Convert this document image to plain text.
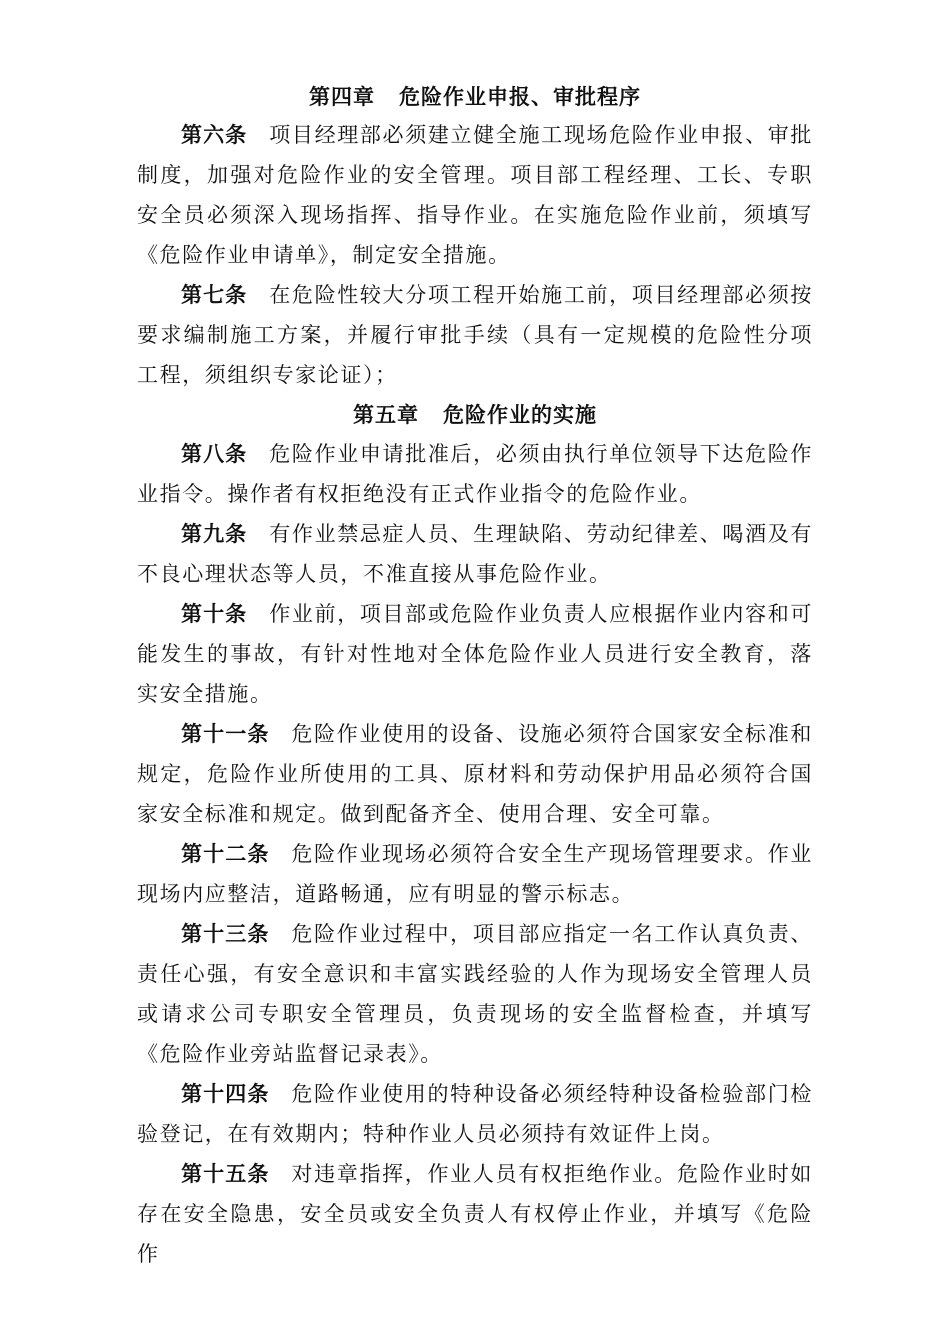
第四章 危险作业申报、审批程序

第六条 项目经理部必须建立健全施工现场危险作业申报、审批制度，加强对危险作业的安全管理。项目部工程经理、工长、专职安全员必须深入现场指挥、指导作业。在实施危险作业前，须填写《危险作业申请单》，制定安全措施。

第七条 在危险性较大分项工程开始施工前，项目经理部必须按要求编制施工方案，并履行审批手续（具有一定规模的危险性分项工程，须组织专家论证）；

第五章 危险作业的实施

第八条 危险作业申请批准后，必须由执行单位领导下达危险作业指令。操作者有权拒绝没有正式作业指令的危险作业。

第九条 有作业禁忌症人员、生理缺陷、劳动纪律差、喝酒及有不良心理状态等人员，不准直接从事危险作业。

第十条 作业前，项目部或危险作业负责人应根据作业内容和可能发生的事故，有针对性地对全体危险作业人员进行安全教育，落实安全措施。

第十一条 危险作业使用的设备、设施必须符合国家安全标准和规定，危险作业所使用的工具、原材料和劳动保护用品必须符合国家安全标准和规定。做到配备齐全、使用合理、安全可靠。

第十二条 危险作业现场必须符合安全生产现场管理要求。作业现场内应整洁，道路畅通，应有明显的警示标志。

第十三条 危险作业过程中，项目部应指定一名工作认真负责、责任心强，有安全意识和丰富实践经验的人作为现场安全管理人员或请求公司专职安全管理员，负责现场的安全监督检查，并填写《危险作业旁站监督记录表》。

第十四条 危险作业使用的特种设备必须经特种设备检验部门检验登记，在有效期内；特种作业人员必须持有效证件上岗。

第十五条 对违章指挥，作业人员有权拒绝作业。危险作业时如存在安全隐患，安全员或安全负责人有权停止作业，并填写《危险作
